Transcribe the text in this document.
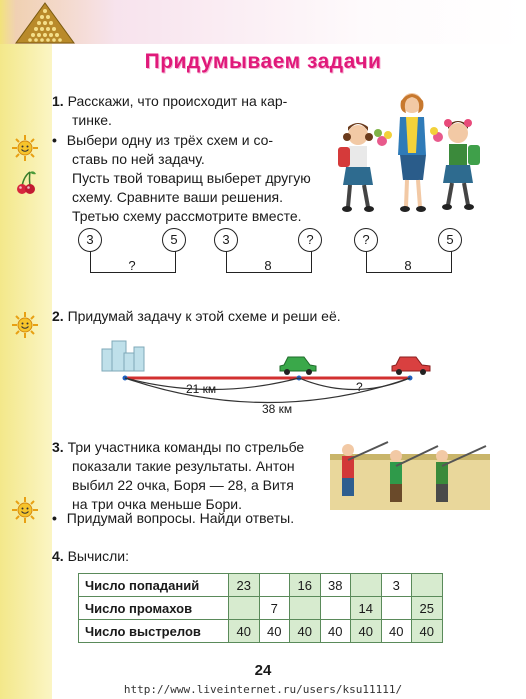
Придумываем задачи
1. Расскажи, что происходит на кар-
тинке.
• Выбери одну из трёх схем и со-
ставь по ней задачу.
Пусть твой товарищ выберет другую
схему. Сравните ваши решения.
Третью схему рассмотрите вместе.
3	5
?
3	?
8
?	5
8
2. Придумай задачу к этой схеме и реши её.
21 км	?
38 км
3. Три участника команды по стрельбе
показали такие результаты. Антон
выбил 22 очка, Боря — 28, а Витя
на три очка меньше Бори.
• Придумай вопросы. Найди ответы.
4. Вычисли:
Число попаданий	23		16	38		3	
Число промахов		7			14		25
Число выстрелов	40	40	40	40	40	40	40
24
http://www.liveinternet.ru/users/ksu11111/
